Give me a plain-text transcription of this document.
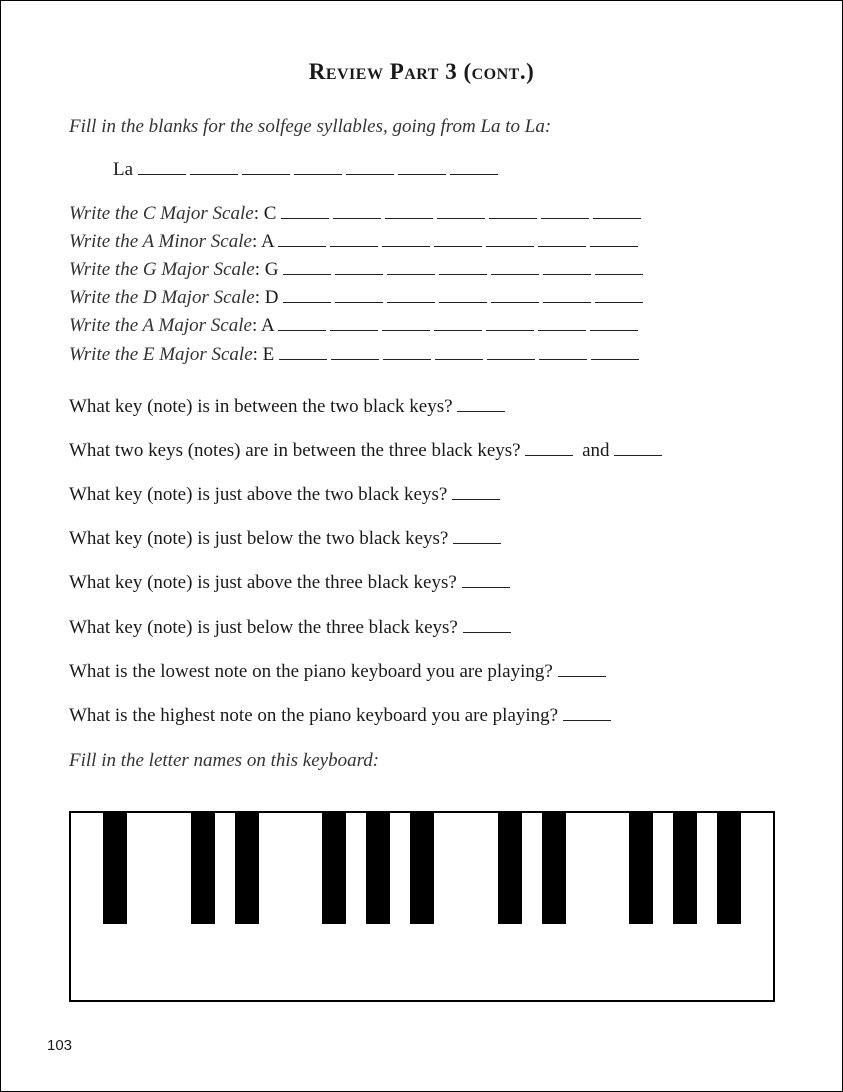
Review Part 3 (cont.)
Fill in the blanks for the solfege syllables, going from La to La:
La
Write the C Major Scale: C
Write the A Minor Scale: A
Write the G Major Scale: G
Write the D Major Scale: D
Write the A Major Scale: A
Write the E Major Scale: E
What key (note) is in between the two black keys?
What two keys (notes) are in between the three black keys?	and
What key (note) is just above the two black keys?
What key (note) is just below the two black keys?
What key (note) is just above the three black keys?
What key (note) is just below the three black keys?
What is the lowest note on the piano keyboard you are playing?
What is the highest note on the piano keyboard you are playing?
Fill in the letter names on this keyboard:
103
